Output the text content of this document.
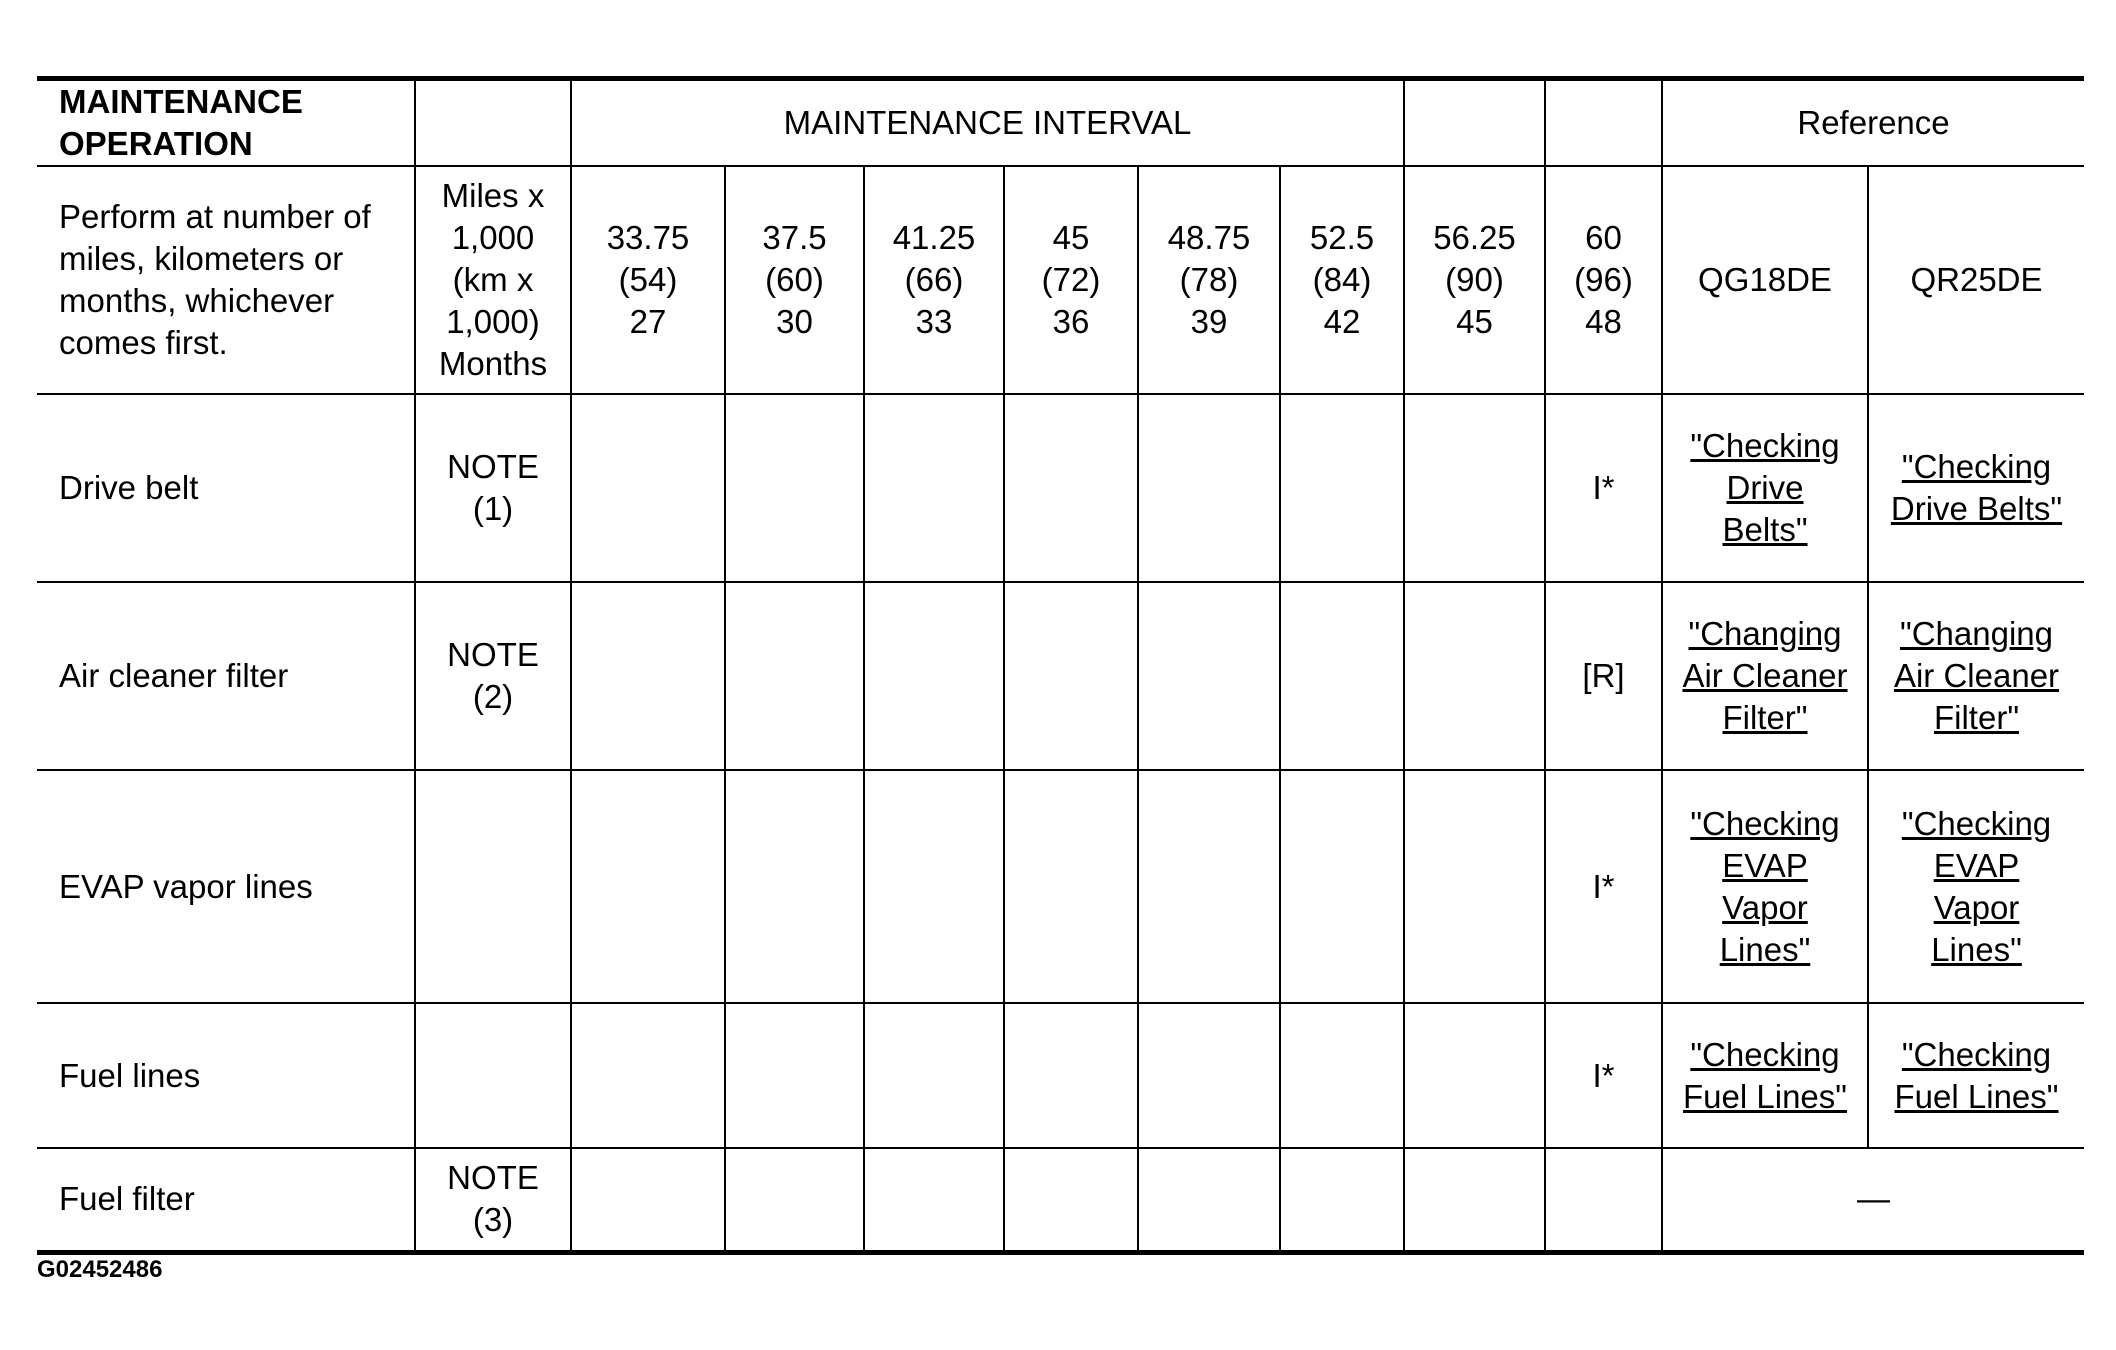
MAINTENANCE OPERATION		MAINTENANCE INTERVAL								Reference	
Perform at number of miles, kilometers or months, whichever comes first.	Miles x
1,000
(km x
1,000)
Months	33.75
(54)
27	37.5
(60)
30	41.25
(66)
33	45
(72)
36	48.75
(78)
39	52.5
(84)
42	56.25
(90)
45	60
(96)
48	QG18DE	QR25DE
Drive belt	NOTE
(1)								I*	"Checking
Drive
Belts"	"Checking
Drive Belts"

Air cleaner filter	NOTE
(2)								[R]	"Changing
Air Cleaner
Filter"	"Changing
Air Cleaner
Filter"

EVAP vapor lines									I*	"Checking
EVAP
Vapor
Lines"	"Checking
EVAP
Vapor
Lines"

Fuel lines									I*	"Checking
Fuel Lines"	"Checking
Fuel Lines"

Fuel filter	NOTE
(3)									—	
G02452486
